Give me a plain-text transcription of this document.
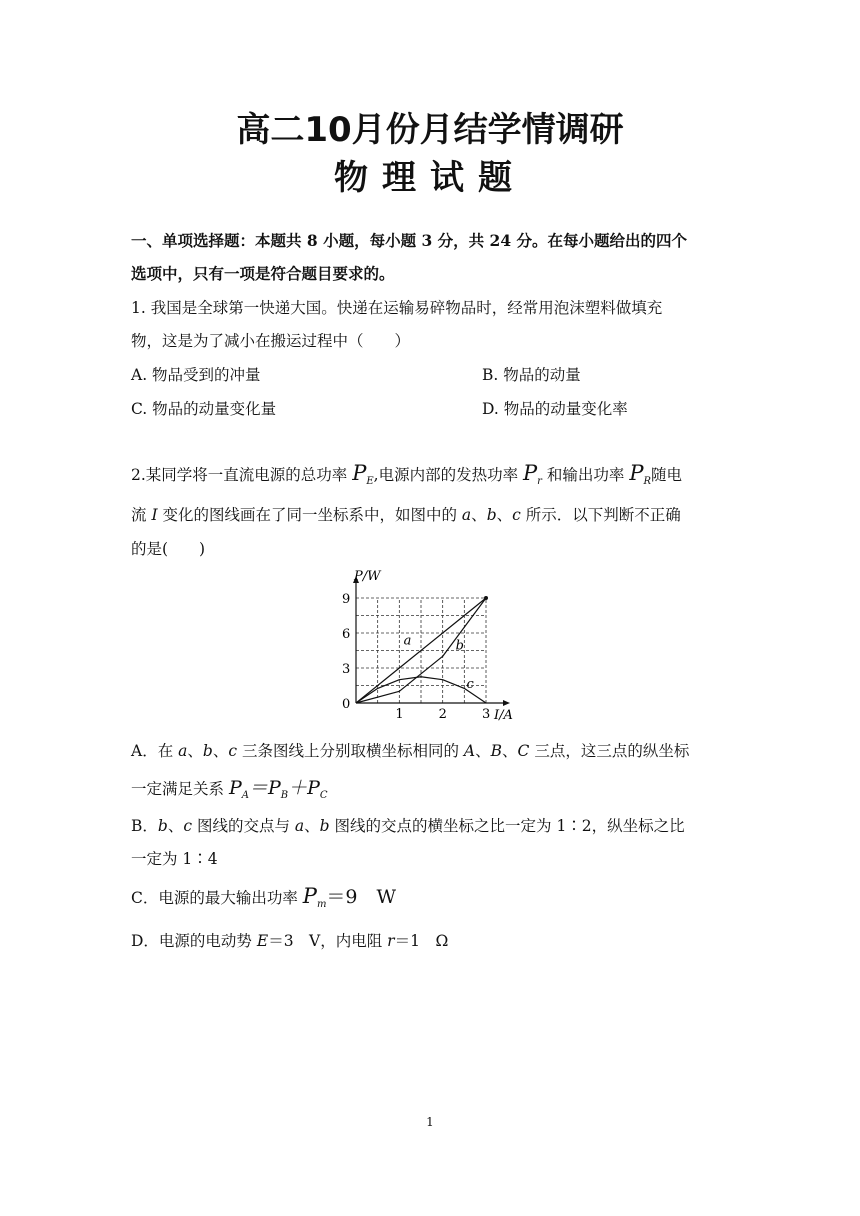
高二10月份月结学情调研
物理试题
一、单项选择题：本题共 8 小题，每小题 3 分，共 24 分。在每小题给出的四个
选项中，只有一项是符合题目要求的。
1. 我国是全球第一快递大国。快递在运输易碎物品时，经常用泡沫塑料做填充
物，这是为了减小在搬运过程中（　　）
A. 物品受到的冲量	B. 物品的动量
C. 物品的动量变化量	D. 物品的动量变化率
2.某同学将一直流电源的总功率 $P_E$,电源内部的发热功率 $P_r$ 和输出功率 $P_R$随电
流 I 变化的图线画在了同一坐标系中，如图中的 a、b、c 所示．以下判断不正确
的是(　　)
P/W
I/A
0
1	2	3
3
6
9
a	b
c
A．在 a、b、c 三条图线上分别取横坐标相同的 A、B、C 三点，这三点的纵坐标
一定满足关系 $P_A=P_B+P_C$
B．b、c 图线的交点与 a、b 图线的交点的横坐标之比一定为 1∶2，纵坐标之比
一定为 1∶4
C．电源的最大输出功率 $P_m=9$　W
D．电源的电动势 E＝3　V，内电阻 r＝1　Ω
1
